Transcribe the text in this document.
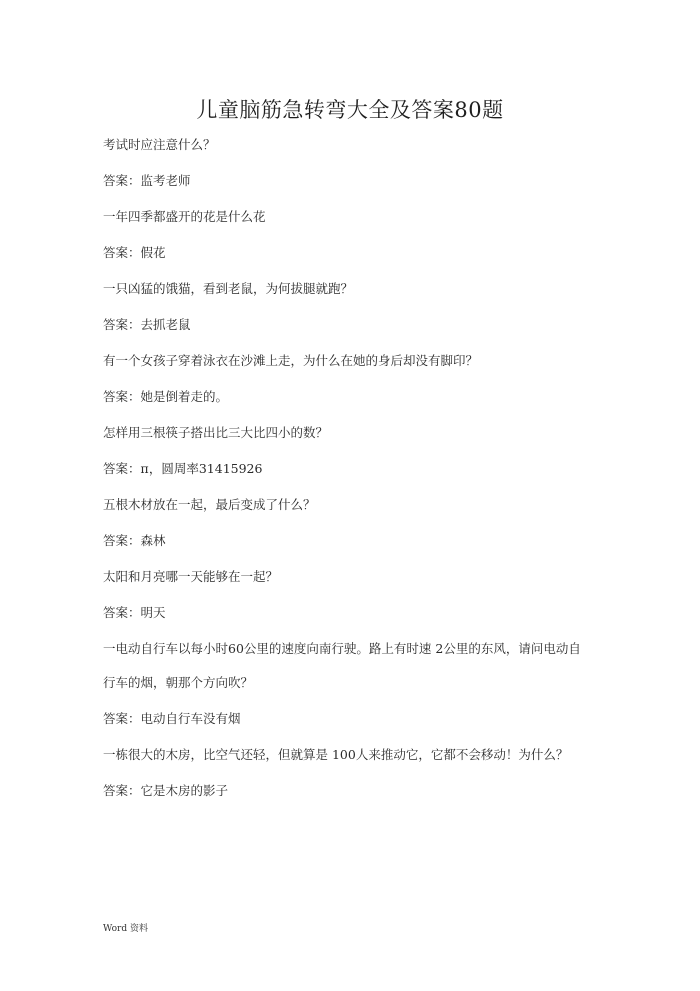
儿童脑筋急转弯大全及答案80题

考试时应注意什么？

答案：监考老师

一年四季都盛开的花是什么花

答案：假花

一只凶猛的饿猫，看到老鼠，为何拔腿就跑？

答案：去抓老鼠

有一个女孩子穿着泳衣在沙滩上走，为什么在她的身后却没有脚印？

答案：她是倒着走的。

怎样用三根筷子搭出比三大比四小的数？

答案：п，圆周率31415926

五根木材放在一起，最后变成了什么？

答案：森林

太阳和月亮哪一天能够在一起？

答案：明天

一电动自行车以每小时60公里的速度向南行驶。路上有时速 2公里的东风，请问电动自行车的烟，朝那个方向吹？

答案：电动自行车没有烟

一栋很大的木房，比空气还轻，但就算是 100人来推动它，它都不会移动！为什么？

答案：它是木房的影子

Word 资料
